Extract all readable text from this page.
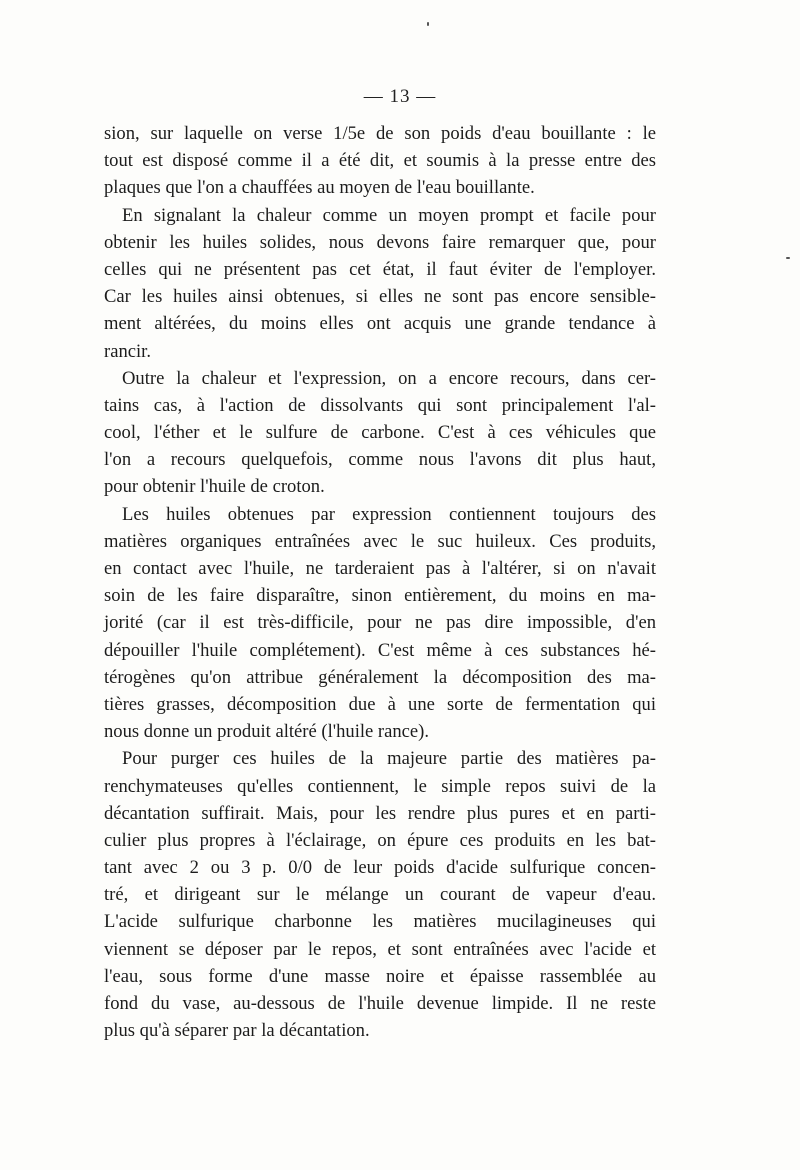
— 13 —
sion, sur laquelle on verse 1/5e de son poids d'eau bouillante : le
tout est disposé comme il a été dit, et soumis à la presse entre des
plaques que l'on a chauffées au moyen de l'eau bouillante.
En signalant la chaleur comme un moyen prompt et facile pour
obtenir les huiles solides, nous devons faire remarquer que, pour
celles qui ne présentent pas cet état, il faut éviter de l'employer.
Car les huiles ainsi obtenues, si elles ne sont pas encore sensible-
ment altérées, du moins elles ont acquis une grande tendance à
rancir.
Outre la chaleur et l'expression, on a encore recours, dans cer-
tains cas, à l'action de dissolvants qui sont principalement l'al-
cool, l'éther et le sulfure de carbone. C'est à ces véhicules que
l'on a recours quelquefois, comme nous l'avons dit plus haut,
pour obtenir l'huile de croton.
Les huiles obtenues par expression contiennent toujours des
matières organiques entraînées avec le suc huileux. Ces produits,
en contact avec l'huile, ne tarderaient pas à l'altérer, si on n'avait
soin de les faire disparaître, sinon entièrement, du moins en ma-
jorité (car il est très-difficile, pour ne pas dire impossible, d'en
dépouiller l'huile complétement). C'est même à ces substances hé-
térogènes qu'on attribue généralement la décomposition des ma-
tières grasses, décomposition due à une sorte de fermentation qui
nous donne un produit altéré (l'huile rance).
Pour purger ces huiles de la majeure partie des matières pa-
renchymateuses qu'elles contiennent, le simple repos suivi de la
décantation suffirait. Mais, pour les rendre plus pures et en parti-
culier plus propres à l'éclairage, on épure ces produits en les bat-
tant avec 2 ou 3 p. 0/0 de leur poids d'acide sulfurique concen-
tré, et dirigeant sur le mélange un courant de vapeur d'eau.
L'acide sulfurique charbonne les matières mucilagineuses qui
viennent se déposer par le repos, et sont entraînées avec l'acide et
l'eau, sous forme d'une masse noire et épaisse rassemblée au
fond du vase, au-dessous de l'huile devenue limpide. Il ne reste
plus qu'à séparer par la décantation.
